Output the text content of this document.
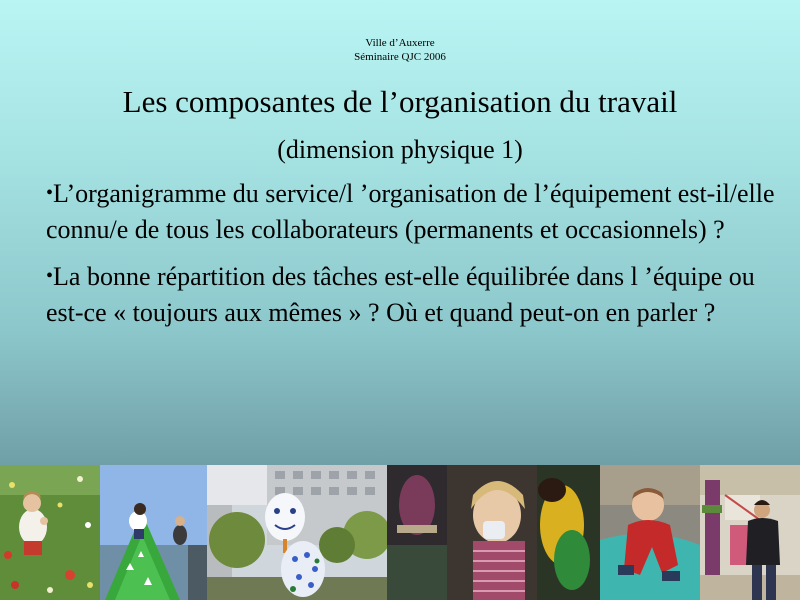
Ville d’Auxerre
Séminaire QJC 2006
Les composantes de l’organisation du travail
(dimension physique 1)
•L’organigramme du service/l ’organisation de l’équipement est-il/elle connu/e de tous les collaborateurs (permanents et occasionnels) ?
•La bonne répartition des tâches est-elle équilibrée dans l ’équipe ou est-ce « toujours aux mêmes » ? Où et quand peut-on en parler ?
